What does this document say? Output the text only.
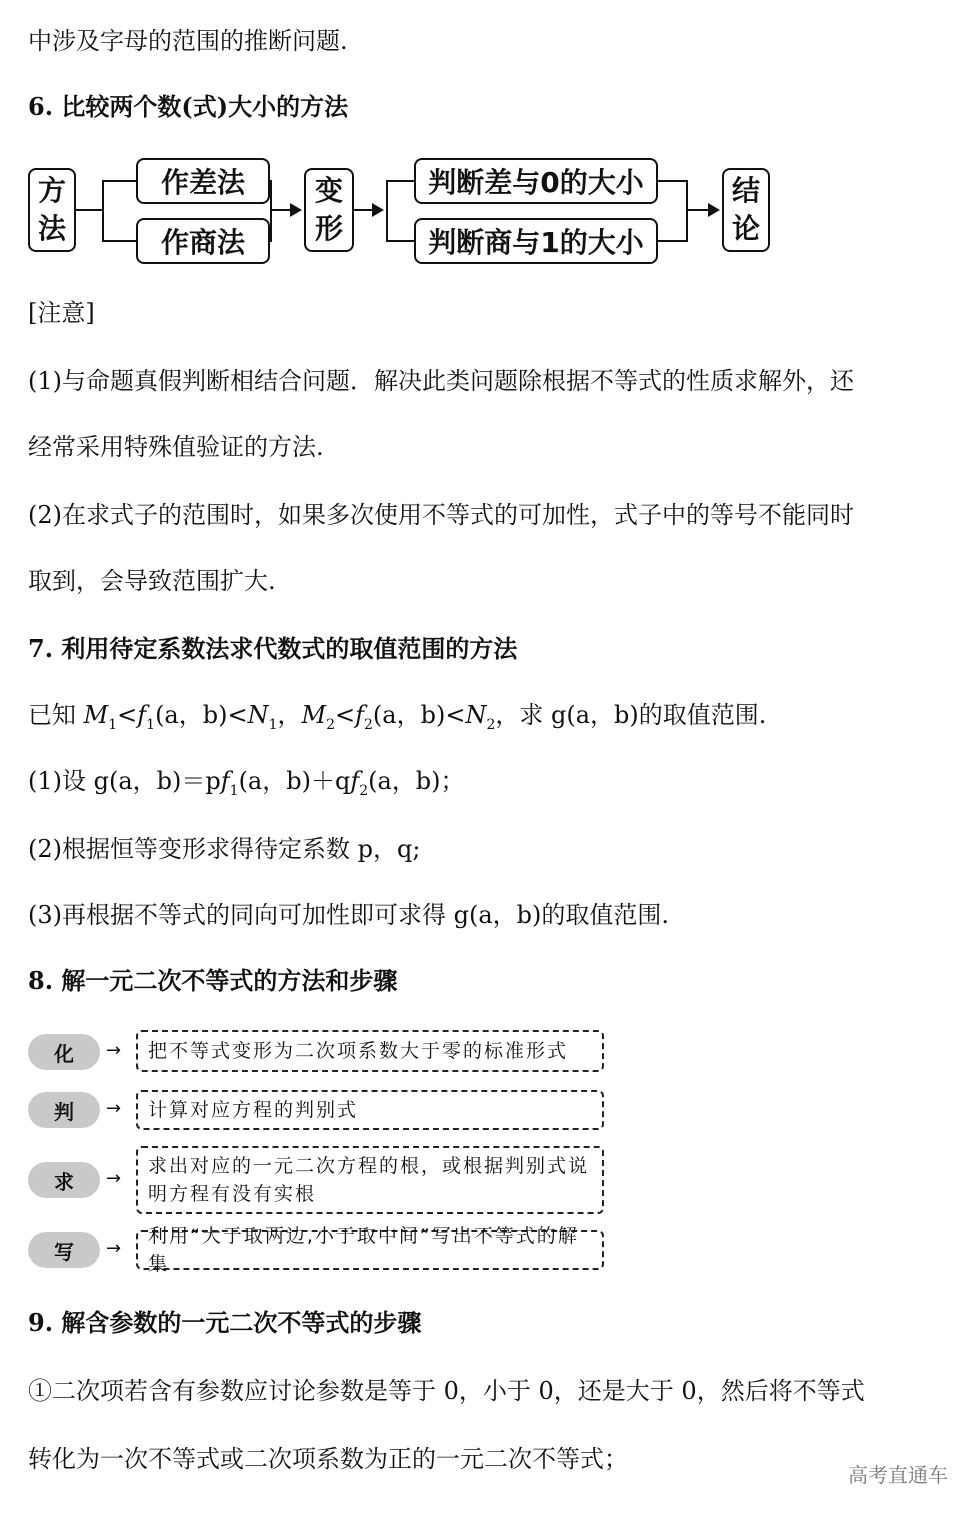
中涉及字母的范围的推断问题.
6. 比较两个数(式)大小的方法
方
法
作差法
作商法
变
形
判断差与0的大小
判断商与1的大小
结
论
[注意]
(1)与命题真假判断相结合问题．解决此类问题除根据不等式的性质求解外，还
经常采用特殊值验证的方法.
(2)在求式子的范围时，如果多次使用不等式的可加性，式子中的等号不能同时
取到，会导致范围扩大.
7. 利用待定系数法求代数式的取值范围的方法
已知 $M_1<f_1(a$，$b)<N_1$，$M_2<f_2(a$，$b)<N_2$，求 g(a，b)的取值范围.
(1)设 g(a，$b)=pf_1(a$，$b)+qf_2(a$，b)；
(2)根据恒等变形求得待定系数 p，q;
(3)再根据不等式的同向可加性即可求得 g(a，b)的取值范围.
8. 解一元二次不等式的方法和步骤
化	→ 把不等式变形为二次项系数大于零的标准形式
判	→ 计算对应方程的判别式
求	→
求出对应的一元二次方程的根，或根据判别式说明方程有没有实根
写	→
利用“大于取两边,小于取中间”写出不等式的解集
9. 解含参数的一元二次不等式的步骤
①二次项若含有参数应讨论参数是等于 0，小于 0，还是大于 0，然后将不等式
转化为一次不等式或二次项系数为正的一元二次不等式；
高考直通车
